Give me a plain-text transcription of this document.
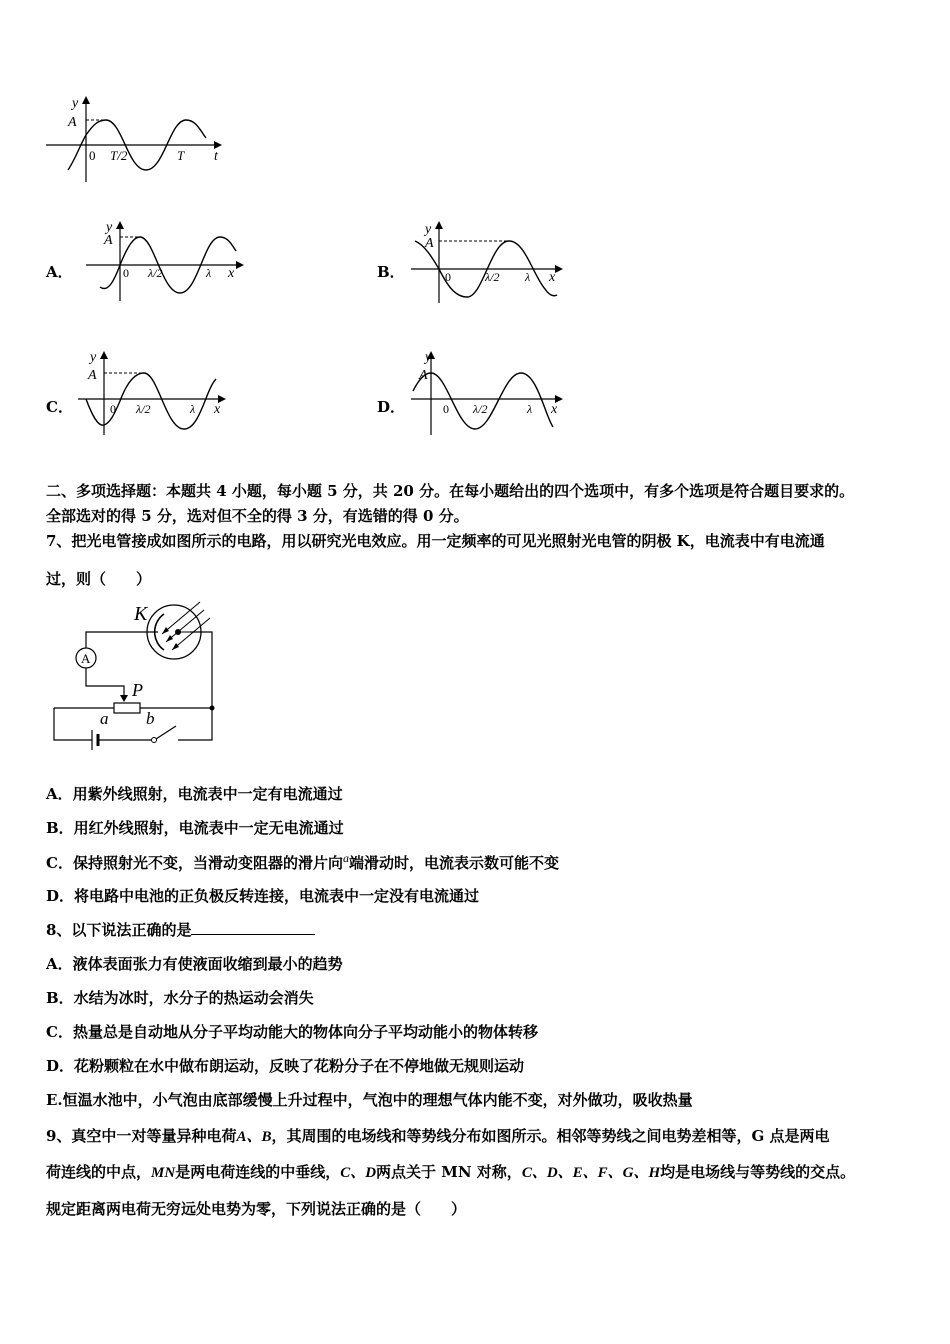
y
A
0 T/2	T t
A．
y
A
0 λ/2	λ x	B．
y
A
0	λ/2 λ x
C．
y
A
0 λ/2	λ x	D．
y
A
0 λ/2	λ x
二、多项选择题：本题共 4 小题，每小题 5 分，共 20 分。在每小题给出的四个选项中，有多个选项是符合题目要求的。
全部选对的得 5 分，选对但不全的得 3 分，有选错的得 0 分。
7、把光电管接成如图所示的电路，用以研究光电效应。用一定频率的可见光照射光电管的阴极 K，电流表中有电流通
过，则（　　）
K
A
P
a b
A．用紫外线照射，电流表中一定有电流通过
B．用红外线照射，电流表中一定无电流通过
C．保持照射光不变，当滑动变阻器的滑片向$^a$端滑动时，电流表示数可能不变
D．将电路中电池的正负极反转连接，电流表中一定没有电流通过
8、以下说法正确的是
A．液体表面张力有使液面收缩到最小的趋势
B．水结为冰时，水分子的热运动会消失
C．热量总是自动地从分子平均动能大的物体向分子平均动能小的物体转移
D．花粉颗粒在水中做布朗运动，反映了花粉分子在不停地做无规则运动
E.恒温水池中，小气泡由底部缓慢上升过程中，气泡中的理想气体内能不变，对外做功，吸收热量
9、真空中一对等量异种电荷A、B，其周围的电场线和等势线分布如图所示。相邻等势线之间电势差相等，G 点是两电
荷连线的中点，MN是两电荷连线的中垂线，C、D两点关于 MN 对称，C、D、E、F、G、H均是电场线与等势线的交点。
规定距离两电荷无穷远处电势为零，下列说法正确的是（　　）
